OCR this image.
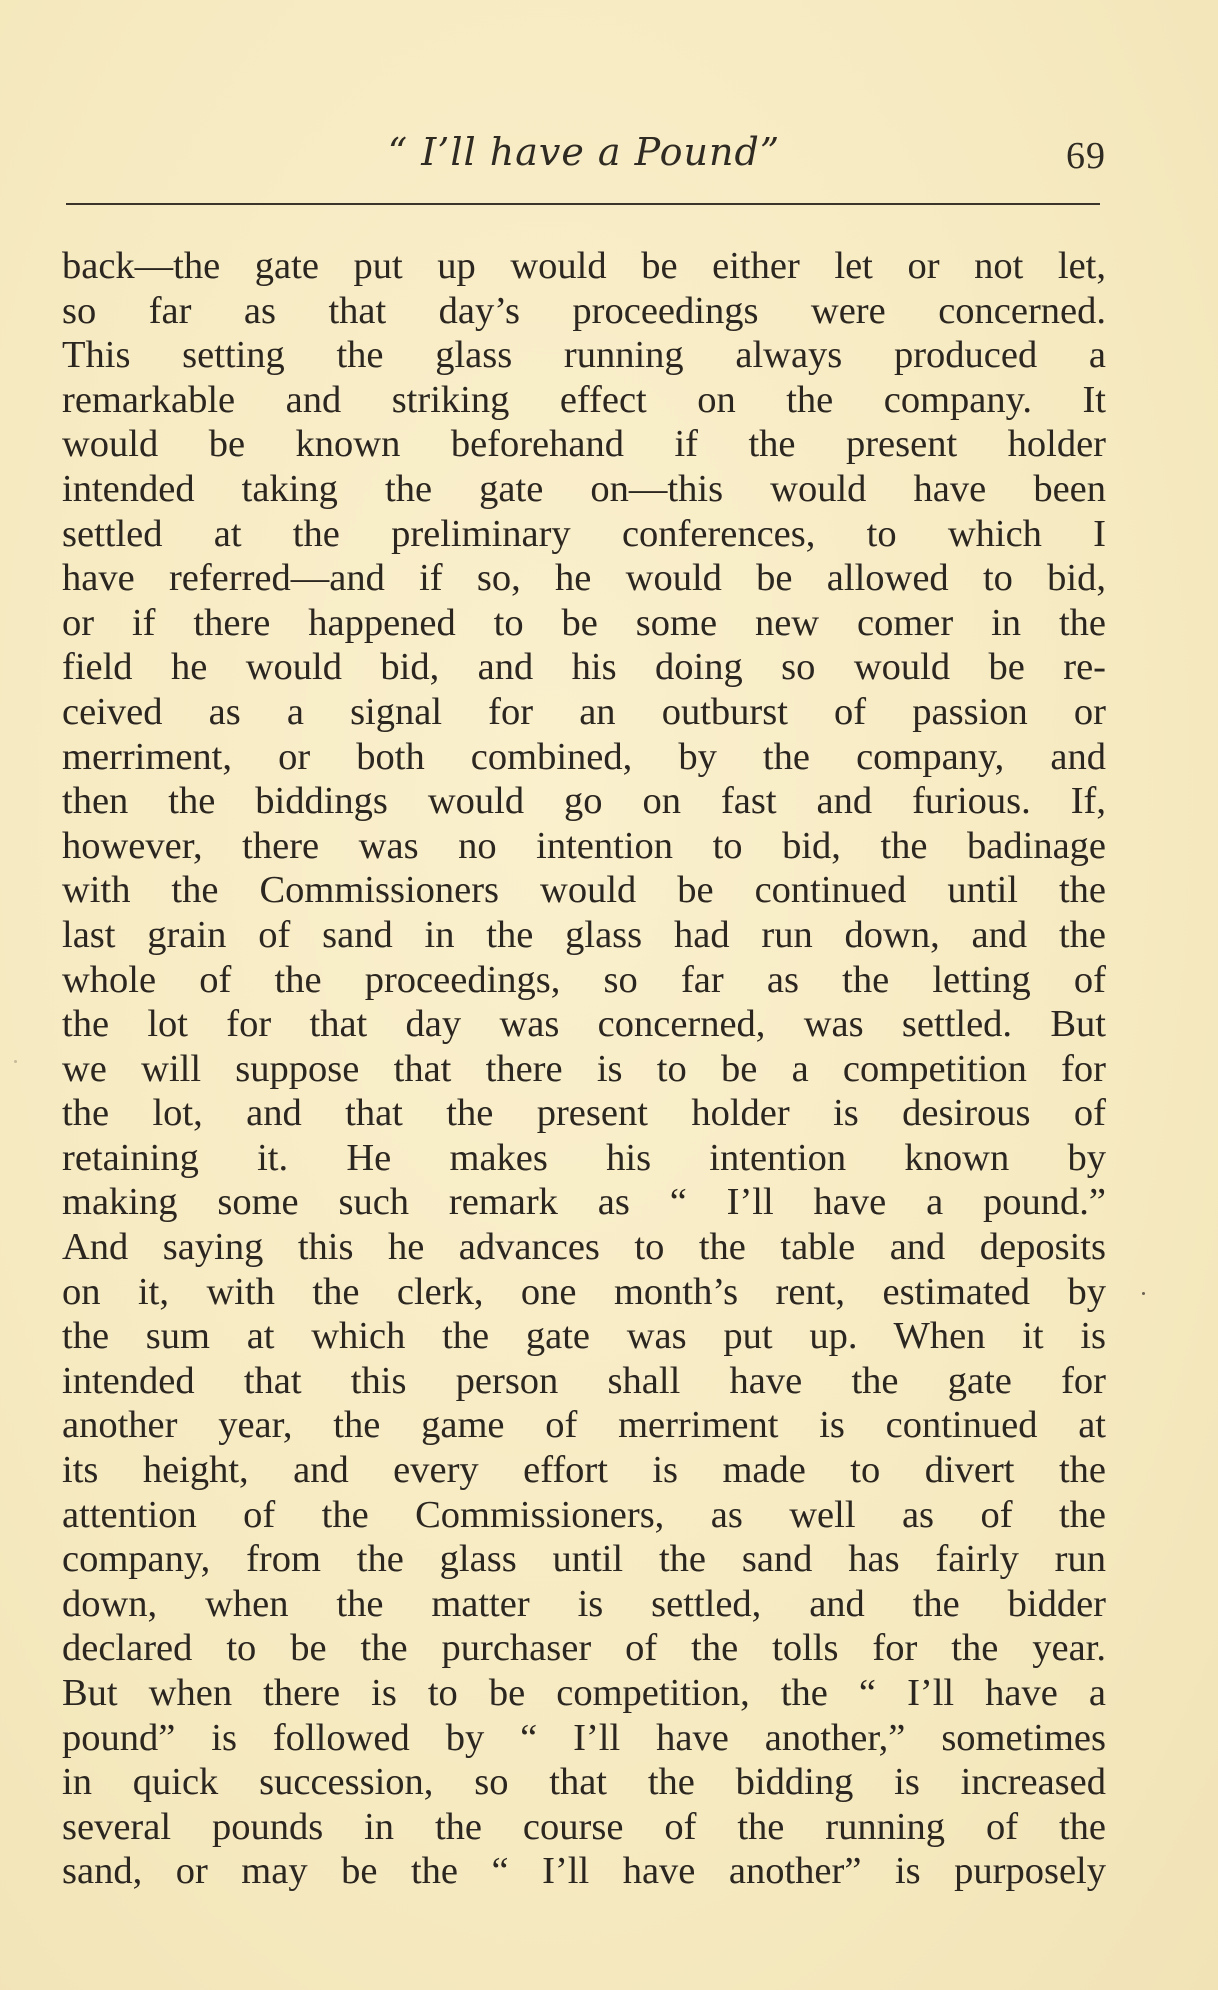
“ I’ll have a Pound”	69
back—the gate put up would be either let or not let,
so far as that day’s proceedings were concerned.
This setting the glass running always produced a
remarkable and striking effect on the company. It
would be known beforehand if the present holder
intended taking the gate on—this would have been
settled at the preliminary conferences, to which I
have referred—and if so, he would be allowed to bid,
or if there happened to be some new comer in the
field he would bid, and his doing so would be re-
ceived as a signal for an outburst of passion or
merriment, or both combined, by the company, and
then the biddings would go on fast and furious. If,
however, there was no intention to bid, the badinage
with the Commissioners would be continued until the
last grain of sand in the glass had run down, and the
whole of the proceedings, so far as the letting of
the lot for that day was concerned, was settled. But
we will suppose that there is to be a competition for
the lot, and that the present holder is desirous of
retaining it. He makes his intention known by
making some such remark as “ I’ll have a pound.”
And saying this he advances to the table and deposits
on it, with the clerk, one month’s rent, estimated by
the sum at which the gate was put up. When it is
intended that this person shall have the gate for
another year, the game of merriment is continued at
its height, and every effort is made to divert the
attention of the Commissioners, as well as of the
company, from the glass until the sand has fairly run
down, when the matter is settled, and the bidder
declared to be the purchaser of the tolls for the year.
But when there is to be competition, the “ I’ll have a
pound” is followed by “ I’ll have another,” sometimes
in quick succession, so that the bidding is increased
several pounds in the course of the running of the
sand, or may be the “ I’ll have another” is purposely
